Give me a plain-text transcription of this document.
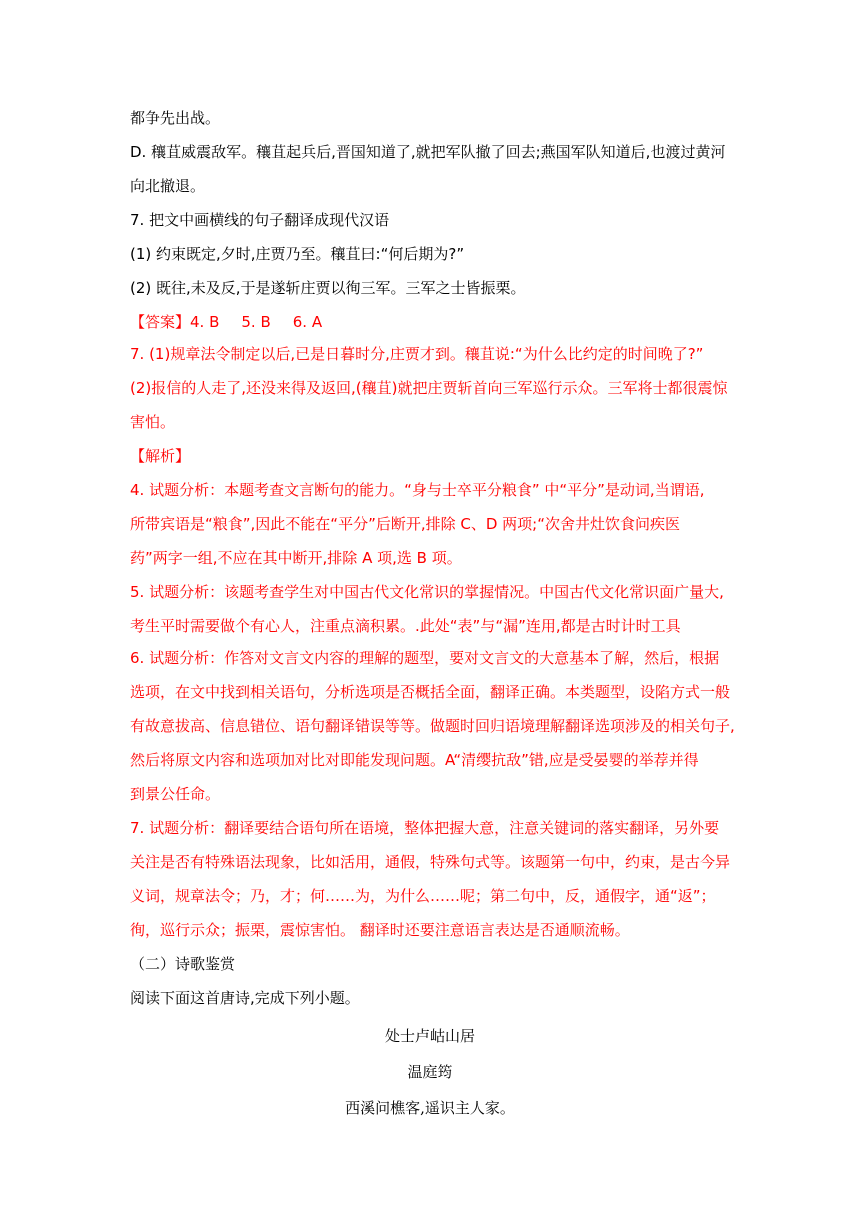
都争先出战。
D. 穰苴威震敌军。穰苴起兵后,晋国知道了,就把军队撤了回去;燕国军队知道后,也渡过黄河
向北撤退。
7. 把文中画横线的句子翻译成现代汉语
(1) 约束既定,夕时,庄贾乃至。穰苴曰:“何后期为?”
(2) 既往,未及反,于是遂斩庄贾以徇三军。三军之士皆振栗。
【答案】4. B 5. B 6. A
7. (1)规章法令制定以后,已是日暮时分,庄贾才到。穰苴说:“为什么比约定的时间晚了?”
(2)报信的人走了,还没来得及返回,(穰苴)就把庄贾斩首向三军巡行示众。三军将士都很震惊
害怕。
【解析】
4. 试题分析：本题考查文言断句的能力。“身与士卒平分粮食” 中“平分”是动词,当谓语,
所带宾语是“粮食”,因此不能在“平分”后断开,排除 C、D 两项;“次舍井灶饮食问疾医
药”两字一组,不应在其中断开,排除 A 项,选 B 项。
5. 试题分析：该题考查学生对中国古代文化常识的掌握情况。中国古代文化常识面广量大,
考生平时需要做个有心人，注重点滴积累。.此处“表”与“漏”连用,都是古时计时工具
6. 试题分析：作答对文言文内容的理解的题型，要对文言文的大意基本了解，然后，根据
选项，在文中找到相关语句，分析选项是否概括全面，翻译正确。本类题型，设陷方式一般
有故意拔高、信息错位、语句翻译错误等等。做题时回归语境理解翻译选项涉及的相关句子,
然后将原文内容和选项加对比对即能发现问题。A“清缨抗敌”错,应是受晏婴的举荐并得
到景公任命。
7. 试题分析：翻译要结合语句所在语境，整体把握大意，注意关键词的落实翻译，另外要
关注是否有特殊语法现象，比如活用，通假，特殊句式等。该题第一句中，约束，是古今异
义词，规章法令；乃，才；何……为，为什么……呢；第二句中，反，通假字，通“返”；
徇，巡行示众；振栗，震惊害怕。 翻译时还要注意语言表达是否通顺流畅。
（二）诗歌鉴赏
阅读下面这首唐诗,完成下列小题。
处士卢岵山居
温庭筠
西溪问樵客,遥识主人家。
